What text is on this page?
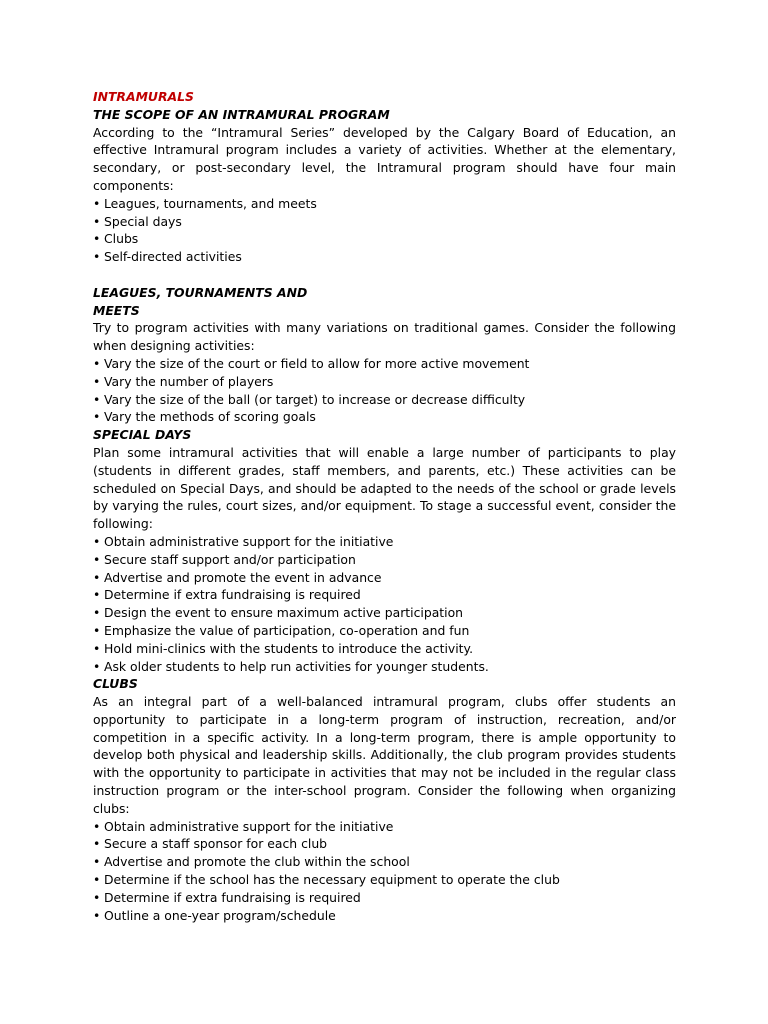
INTRAMURALS

THE SCOPE OF AN INTRAMURAL PROGRAM

According to the “Intramural Series” developed by the Calgary Board of Education, an effective Intramural program includes a variety of activities. Whether at the elementary, secondary, or post-secondary level, the Intramural program should have four main components:

• Leagues, tournaments, and meets
• Special days
• Clubs
• Self-directed activities

LEAGUES, TOURNAMENTS AND

MEETS

Try to program activities with many variations on traditional games. Consider the following when designing activities:

• Vary the size of the court or field to allow for more active movement
• Vary the number of players
• Vary the size of the ball (or target) to increase or decrease difficulty
• Vary the methods of scoring goals

SPECIAL DAYS

Plan some intramural activities that will enable a large number of participants to play (students in different grades, staff members, and parents, etc.) These activities can be scheduled on Special Days, and should be adapted to the needs of the school or grade levels by varying the rules, court sizes, and/or equipment. To stage a successful event, consider the following:

• Obtain administrative support for the initiative
• Secure staff support and/or participation
• Advertise and promote the event in advance
• Determine if extra fundraising is required
• Design the event to ensure maximum active participation
• Emphasize the value of participation, co-operation and fun
• Hold mini-clinics with the students to introduce the activity.
• Ask older students to help run activities for younger students.

CLUBS

As an integral part of a well-balanced intramural program, clubs offer students an opportunity to participate in a long-term program of instruction, recreation, and/or competition in a specific activity. In a long-term program, there is ample opportunity to develop both physical and leadership skills. Additionally, the club program provides students with the opportunity to participate in activities that may not be included in the regular class instruction program or the inter-school program. Consider the following when organizing clubs:

• Obtain administrative support for the initiative
• Secure a staff sponsor for each club
• Advertise and promote the club within the school
• Determine if the school has the necessary equipment to operate the club
• Determine if extra fundraising is required
• Outline a one-year program/schedule
